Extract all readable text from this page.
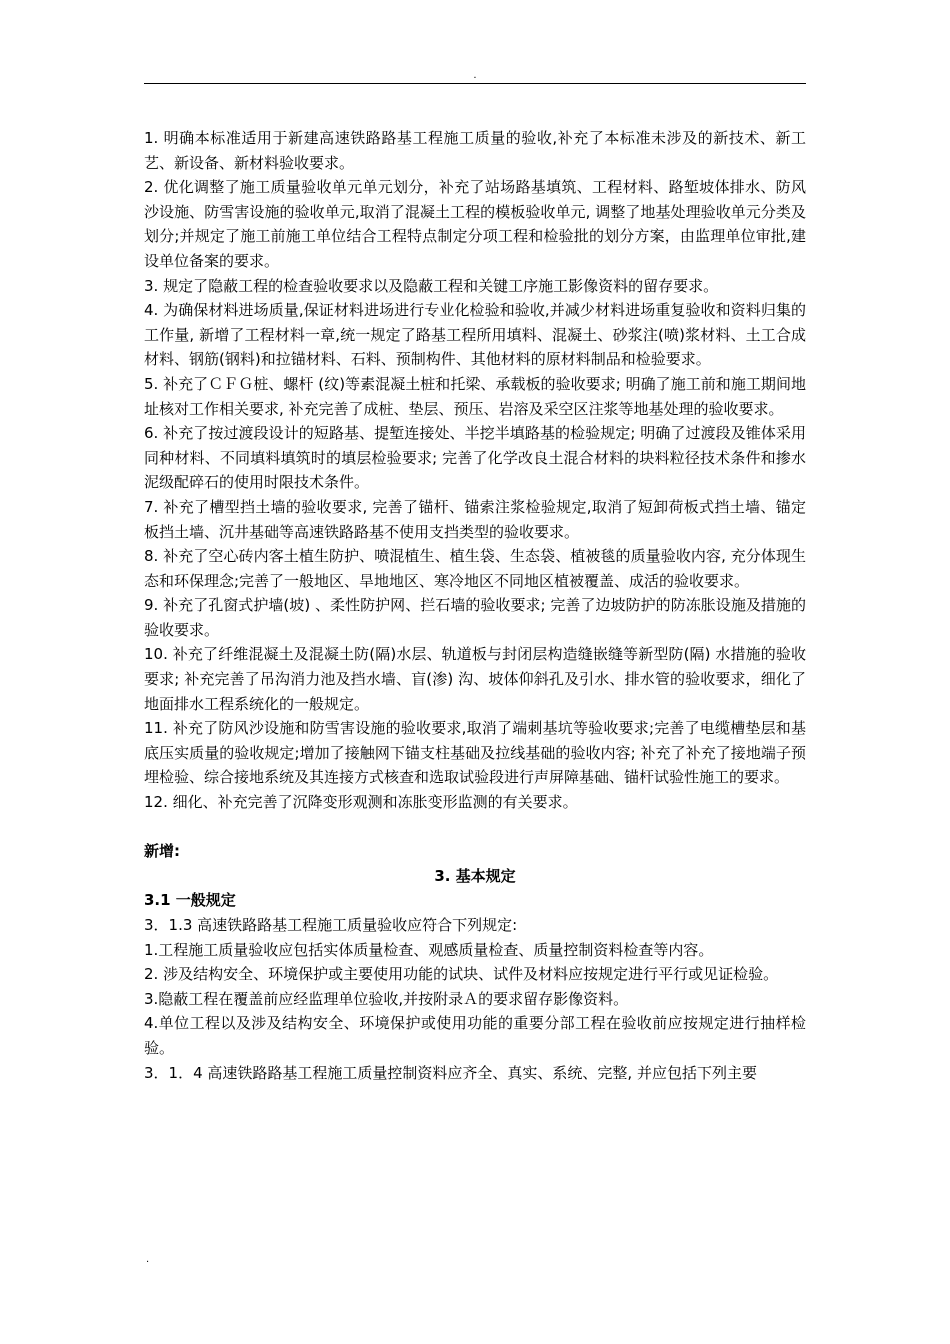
.

1. 明确本标准适用于新建高速铁路路基工程施工质量的验收,补充了本标准未涉及的新技术、新工艺、新设备、新材料验收要求。

2. 优化调整了施工质量验收单元单元划分，补充了站场路基填筑、工程材料、路堑坡体排水、防风沙设施、防雪害设施的验收单元,取消了混凝土工程的模板验收单元, 调整了地基处理验收单元分类及划分;并规定了施工前施工单位结合工程特点制定分项工程和检验批的划分方案，由监理单位审批,建设单位备案的要求。

3. 规定了隐蔽工程的检查验收要求以及隐蔽工程和关键工序施工影像资料的留存要求。

4. 为确保材料进场质量,保证材料进场进行专业化检验和验收,并减少材料进场重复验收和资料归集的工作量, 新增了工程材料一章,统一规定了路基工程所用填料、混凝土、砂浆注(喷)浆材料、土工合成材料、钢筋(钢料)和拉锚材料、石料、预制构件、其他材料的原材料制品和检验要求。

5. 补充了ＣＦＧ桩、螺杆 (纹)等素混凝土桩和托梁、承载板的验收要求; 明确了施工前和施工期间地址核对工作相关要求, 补充完善了成桩、垫层、预压、岩溶及采空区注浆等地基处理的验收要求。

6. 补充了按过渡段设计的短路基、提堑连接处、半挖半填路基的检验规定; 明确了过渡段及锥体采用同种材料、不同填料填筑时的填层检验要求; 完善了化学改良土混合材料的块料粒径技术条件和掺水泥级配碎石的使用时限技术条件。

7. 补充了槽型挡土墙的验收要求, 完善了锚杆、锚索注浆检验规定,取消了短卸荷板式挡土墙、锚定板挡土墙、沉井基础等高速铁路路基不使用支挡类型的验收要求。

8. 补充了空心砖内客土植生防护、喷混植生、植生袋、生态袋、植被毯的质量验收内容, 充分体现生态和环保理念;完善了一般地区、旱地地区、寒冷地区不同地区植被覆盖、成活的验收要求。

9. 补充了孔窗式护墙(坡) 、柔性防护网、拦石墙的验收要求; 完善了边坡防护的防冻胀设施及措施的验收要求。

10. 补充了纤维混凝土及混凝土防(隔)水层、轨道板与封闭层构造缝嵌缝等新型防(隔) 水措施的验收要求; 补充完善了吊沟消力池及挡水墙、盲(渗) 沟、坡体仰斜孔及引水、排水管的验收要求，细化了地面排水工程系统化的一般规定。

11. 补充了防风沙设施和防雪害设施的验收要求,取消了端刺基坑等验收要求;完善了电缆槽垫层和基底压实质量的验收规定;增加了接触网下锚支柱基础及拉线基础的验收内容; 补充了补充了接地端子预埋检验、综合接地系统及其连接方式核查和选取试验段进行声屏障基础、锚杆试验性施工的要求。

12. 细化、补充完善了沉降变形观测和冻胀变形监测的有关要求。

新增:

3. 基本规定

3.1 一般规定

3．1.3 高速铁路路基工程施工质量验收应符合下列规定:

1.工程施工质量验收应包括实体质量检查、观感质量检查、质量控制资料检查等内容。

2. 涉及结构安全、环境保护或主要使用功能的试块、试件及材料应按规定进行平行或见证检验。

3.隐蔽工程在覆盖前应经监理单位验收,并按附录Ａ的要求留存影像资料。

4.单位工程以及涉及结构安全、环境保护或使用功能的重要分部工程在验收前应按规定进行抽样检验。

3．1．4 高速铁路路基工程施工质量控制资料应齐全、真实、系统、完整, 并应包括下列主要

.
